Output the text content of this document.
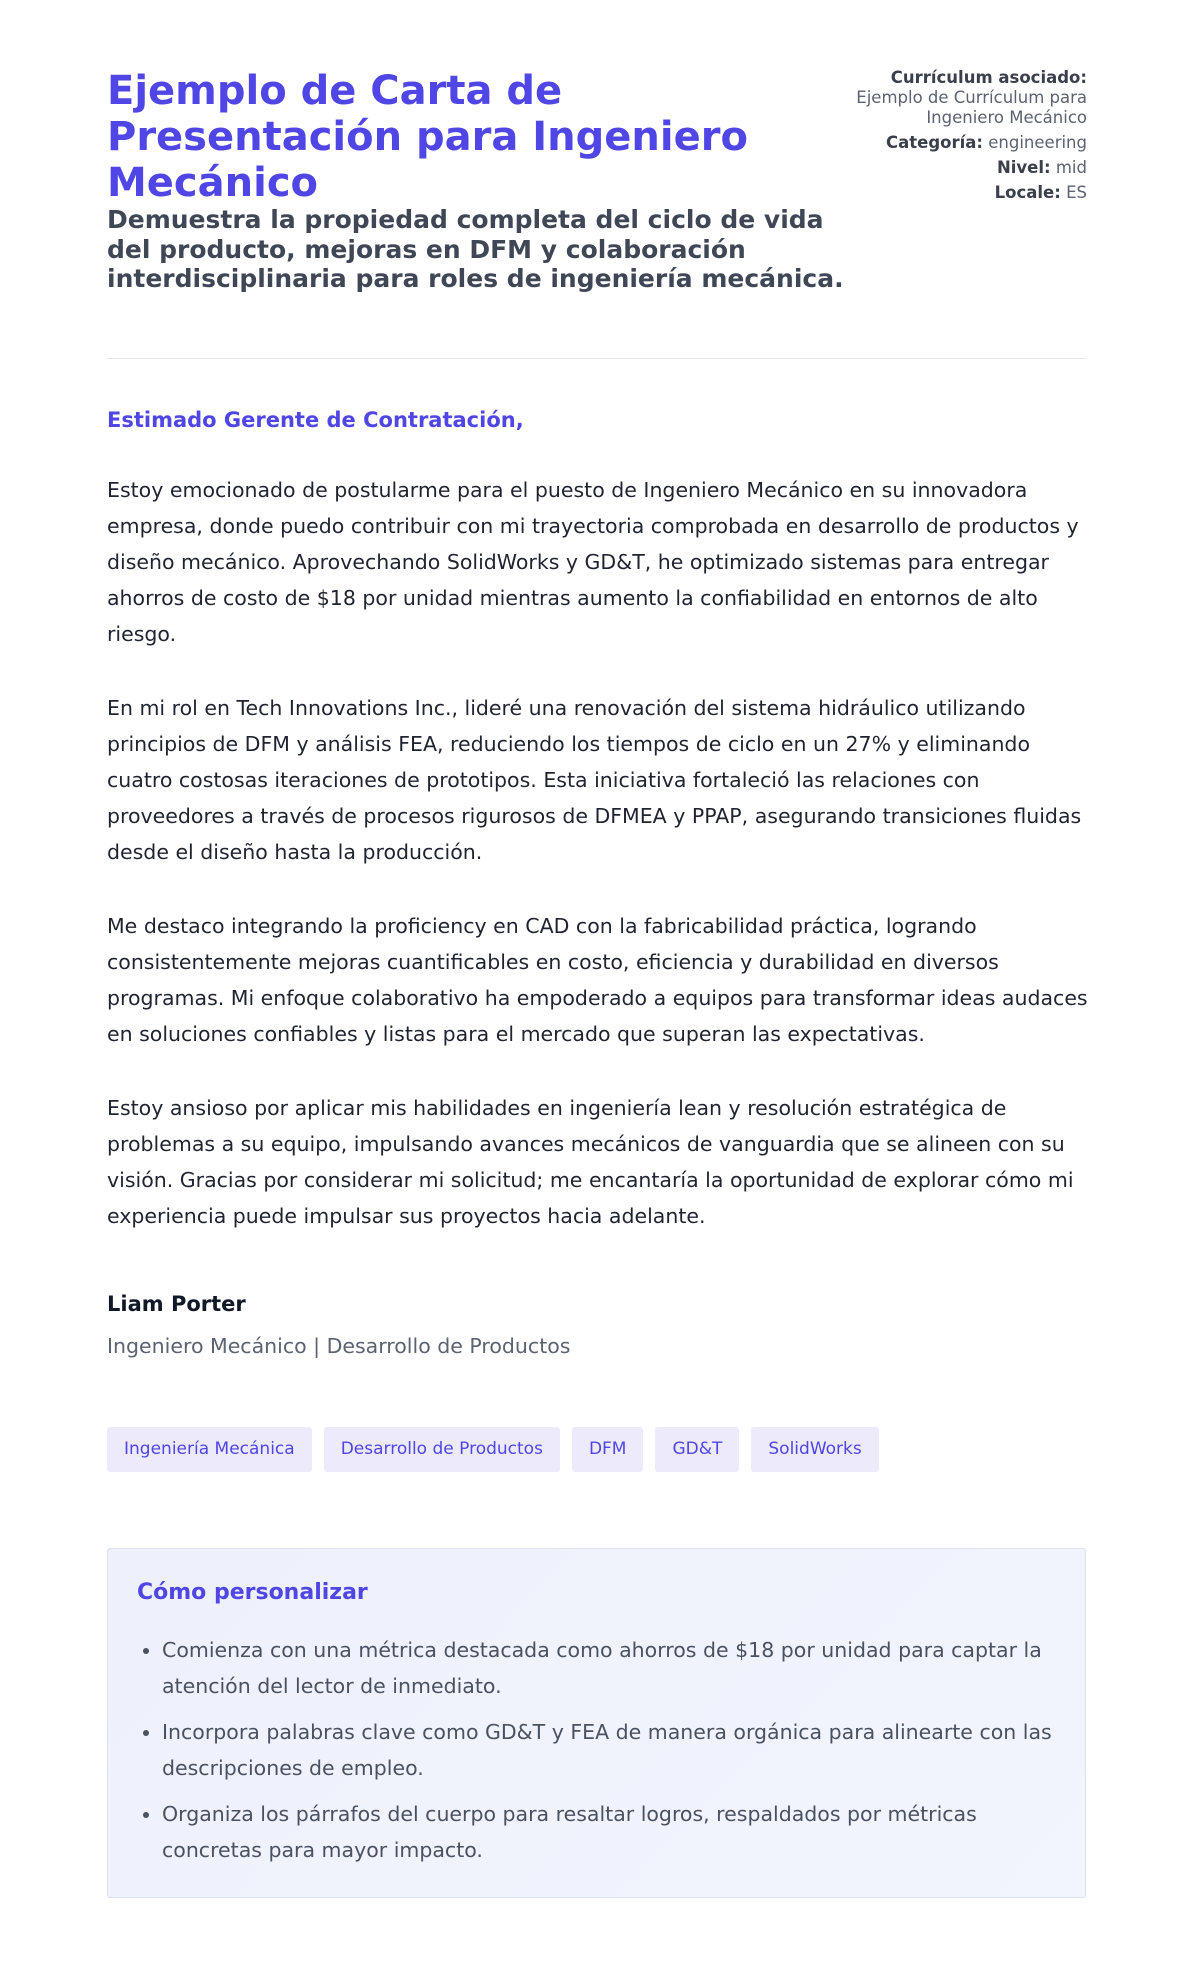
Ejemplo de Carta de Presentación para Ingeniero Mecánico
Demuestra la propiedad completa del ciclo de vida del producto, mejoras en DFM y colaboración interdisciplinaria para roles de ingeniería mecánica.
Currículum asociado:
Ejemplo de Currículum para Ingeniero Mecánico
Categoría: engineering
Nivel: mid
Locale: ES

Estimado Gerente de Contratación,

Estoy emocionado de postularme para el puesto de Ingeniero Mecánico en su innovadora empresa, donde puedo contribuir con mi trayectoria comprobada en desarrollo de productos y diseño mecánico. Aprovechando SolidWorks y GD&T, he optimizado sistemas para entregar ahorros de costo de $18 por unidad mientras aumento la confiabilidad en entornos de alto riesgo.

En mi rol en Tech Innovations Inc., lideré una renovación del sistema hidráulico utilizando principios de DFM y análisis FEA, reduciendo los tiempos de ciclo en un 27% y eliminando cuatro costosas iteraciones de prototipos. Esta iniciativa fortaleció las relaciones con proveedores a través de procesos rigurosos de DFMEA y PPAP, asegurando transiciones fluidas desde el diseño hasta la producción.

Me destaco integrando la proficiency en CAD con la fabricabilidad práctica, logrando consistentemente mejoras cuantificables en costo, eficiencia y durabilidad en diversos programas. Mi enfoque colaborativo ha empoderado a equipos para transformar ideas audaces en soluciones confiables y listas para el mercado que superan las expectativas.

Estoy ansioso por aplicar mis habilidades en ingeniería lean y resolución estratégica de problemas a su equipo, impulsando avances mecánicos de vanguardia que se alineen con su visión. Gracias por considerar mi solicitud; me encantaría la oportunidad de explorar cómo mi experiencia puede impulsar sus proyectos hacia adelante.

Liam Porter
Ingeniero Mecánico | Desarrollo de Productos
Ingeniería Mecánica	Desarrollo de Productos	DFM	GD&T	SolidWorks
Cómo personalizar
• Comienza con una métrica destacada como ahorros de $18 por unidad para captar la atención del lector de inmediato.
• Incorpora palabras clave como GD&T y FEA de manera orgánica para alinearte con las descripciones de empleo.
• Organiza los párrafos del cuerpo para resaltar logros, respaldados por métricas concretas para mayor impacto.
